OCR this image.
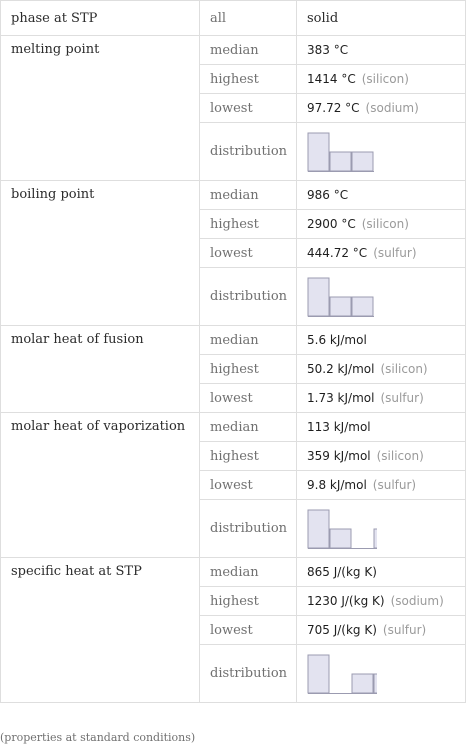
phase at STP	all	solid
melting point	median	383 °C
	highest	1414 °C (silicon)
	lowest	97.72 °C (sodium)
	distribution	

boiling point	median	986 °C
	highest	2900 °C (silicon)
	lowest	444.72 °C (sulfur)
	distribution	

molar heat of fusion	median	5.6 kJ/mol
	highest	50.2 kJ/mol (silicon)
	lowest	1.73 kJ/mol (sulfur)
molar heat of vaporization	median	113 kJ/mol
	highest	359 kJ/mol (silicon)
	lowest	9.8 kJ/mol (sulfur)
	distribution	

specific heat at STP	median	865 J/(kg K)
	highest	1230 J/(kg K) (sodium)
	lowest	705 J/(kg K) (sulfur)
	distribution	
(properties at standard conditions)
